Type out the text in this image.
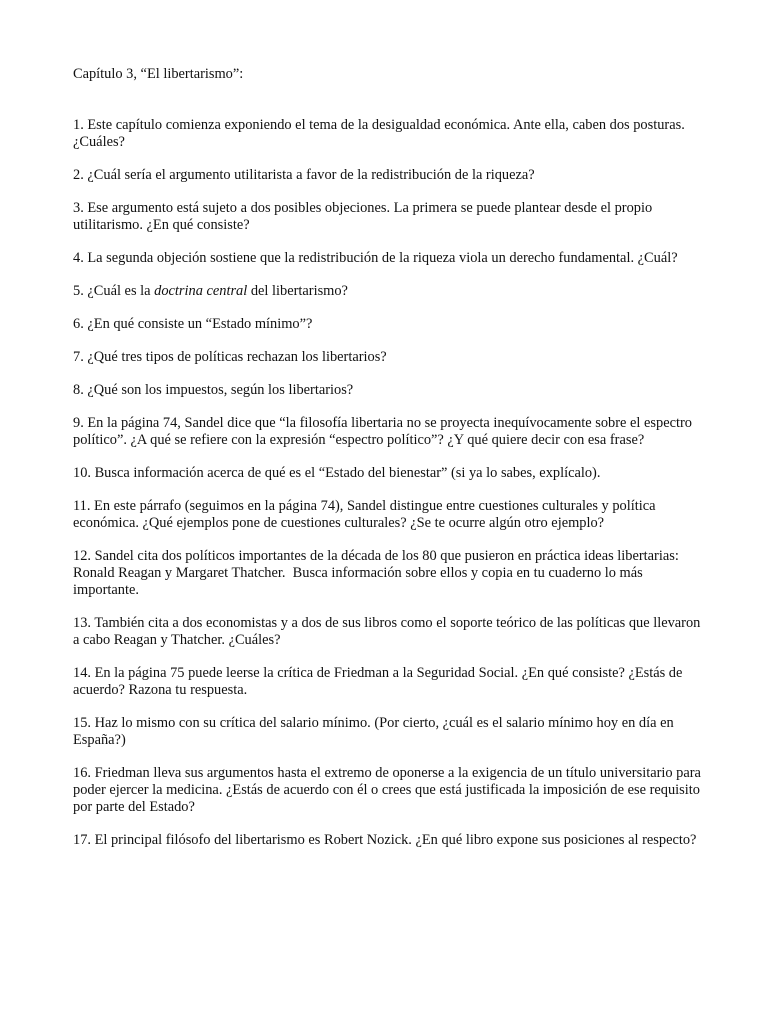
Capítulo 3, “El libertarismo”:

1. Este capítulo comienza exponiendo el tema de la desigualdad económica. Ante ella, caben dos posturas. ¿Cuáles?

2. ¿Cuál sería el argumento utilitarista a favor de la redistribución de la riqueza?

3. Ese argumento está sujeto a dos posibles objeciones. La primera se puede plantear desde el propio utilitarismo. ¿En qué consiste?

4. La segunda objeción sostiene que la redistribución de la riqueza viola un derecho fundamental. ¿Cuál?

5. ¿Cuál es la doctrina central del libertarismo?

6. ¿En qué consiste un “Estado mínimo”?

7. ¿Qué tres tipos de políticas rechazan los libertarios?

8. ¿Qué son los impuestos, según los libertarios?

9. En la página 74, Sandel dice que “la filosofía libertaria no se proyecta inequívocamente sobre el espectro político”. ¿A qué se refiere con la expresión “espectro político”? ¿Y qué quiere decir con esa frase?

10. Busca información acerca de qué es el “Estado del bienestar” (si ya lo sabes, explícalo).

11. En este párrafo (seguimos en la página 74), Sandel distingue entre cuestiones culturales y política económica. ¿Qué ejemplos pone de cuestiones culturales? ¿Se te ocurre algún otro ejemplo?

12. Sandel cita dos políticos importantes de la década de los 80 que pusieron en práctica ideas libertarias: Ronald Reagan y Margaret Thatcher.  Busca información sobre ellos y copia en tu cuaderno lo más importante.

13. También cita a dos economistas y a dos de sus libros como el soporte teórico de las políticas que llevaron a cabo Reagan y Thatcher. ¿Cuáles?

14. En la página 75 puede leerse la crítica de Friedman a la Seguridad Social. ¿En qué consiste? ¿Estás de acuerdo? Razona tu respuesta.

15. Haz lo mismo con su crítica del salario mínimo. (Por cierto, ¿cuál es el salario mínimo hoy en día en España?)

16. Friedman lleva sus argumentos hasta el extremo de oponerse a la exigencia de un título universitario para poder ejercer la medicina. ¿Estás de acuerdo con él o crees que está justificada la imposición de ese requisito por parte del Estado?

17. El principal filósofo del libertarismo es Robert Nozick. ¿En qué libro expone sus posiciones al respecto?
